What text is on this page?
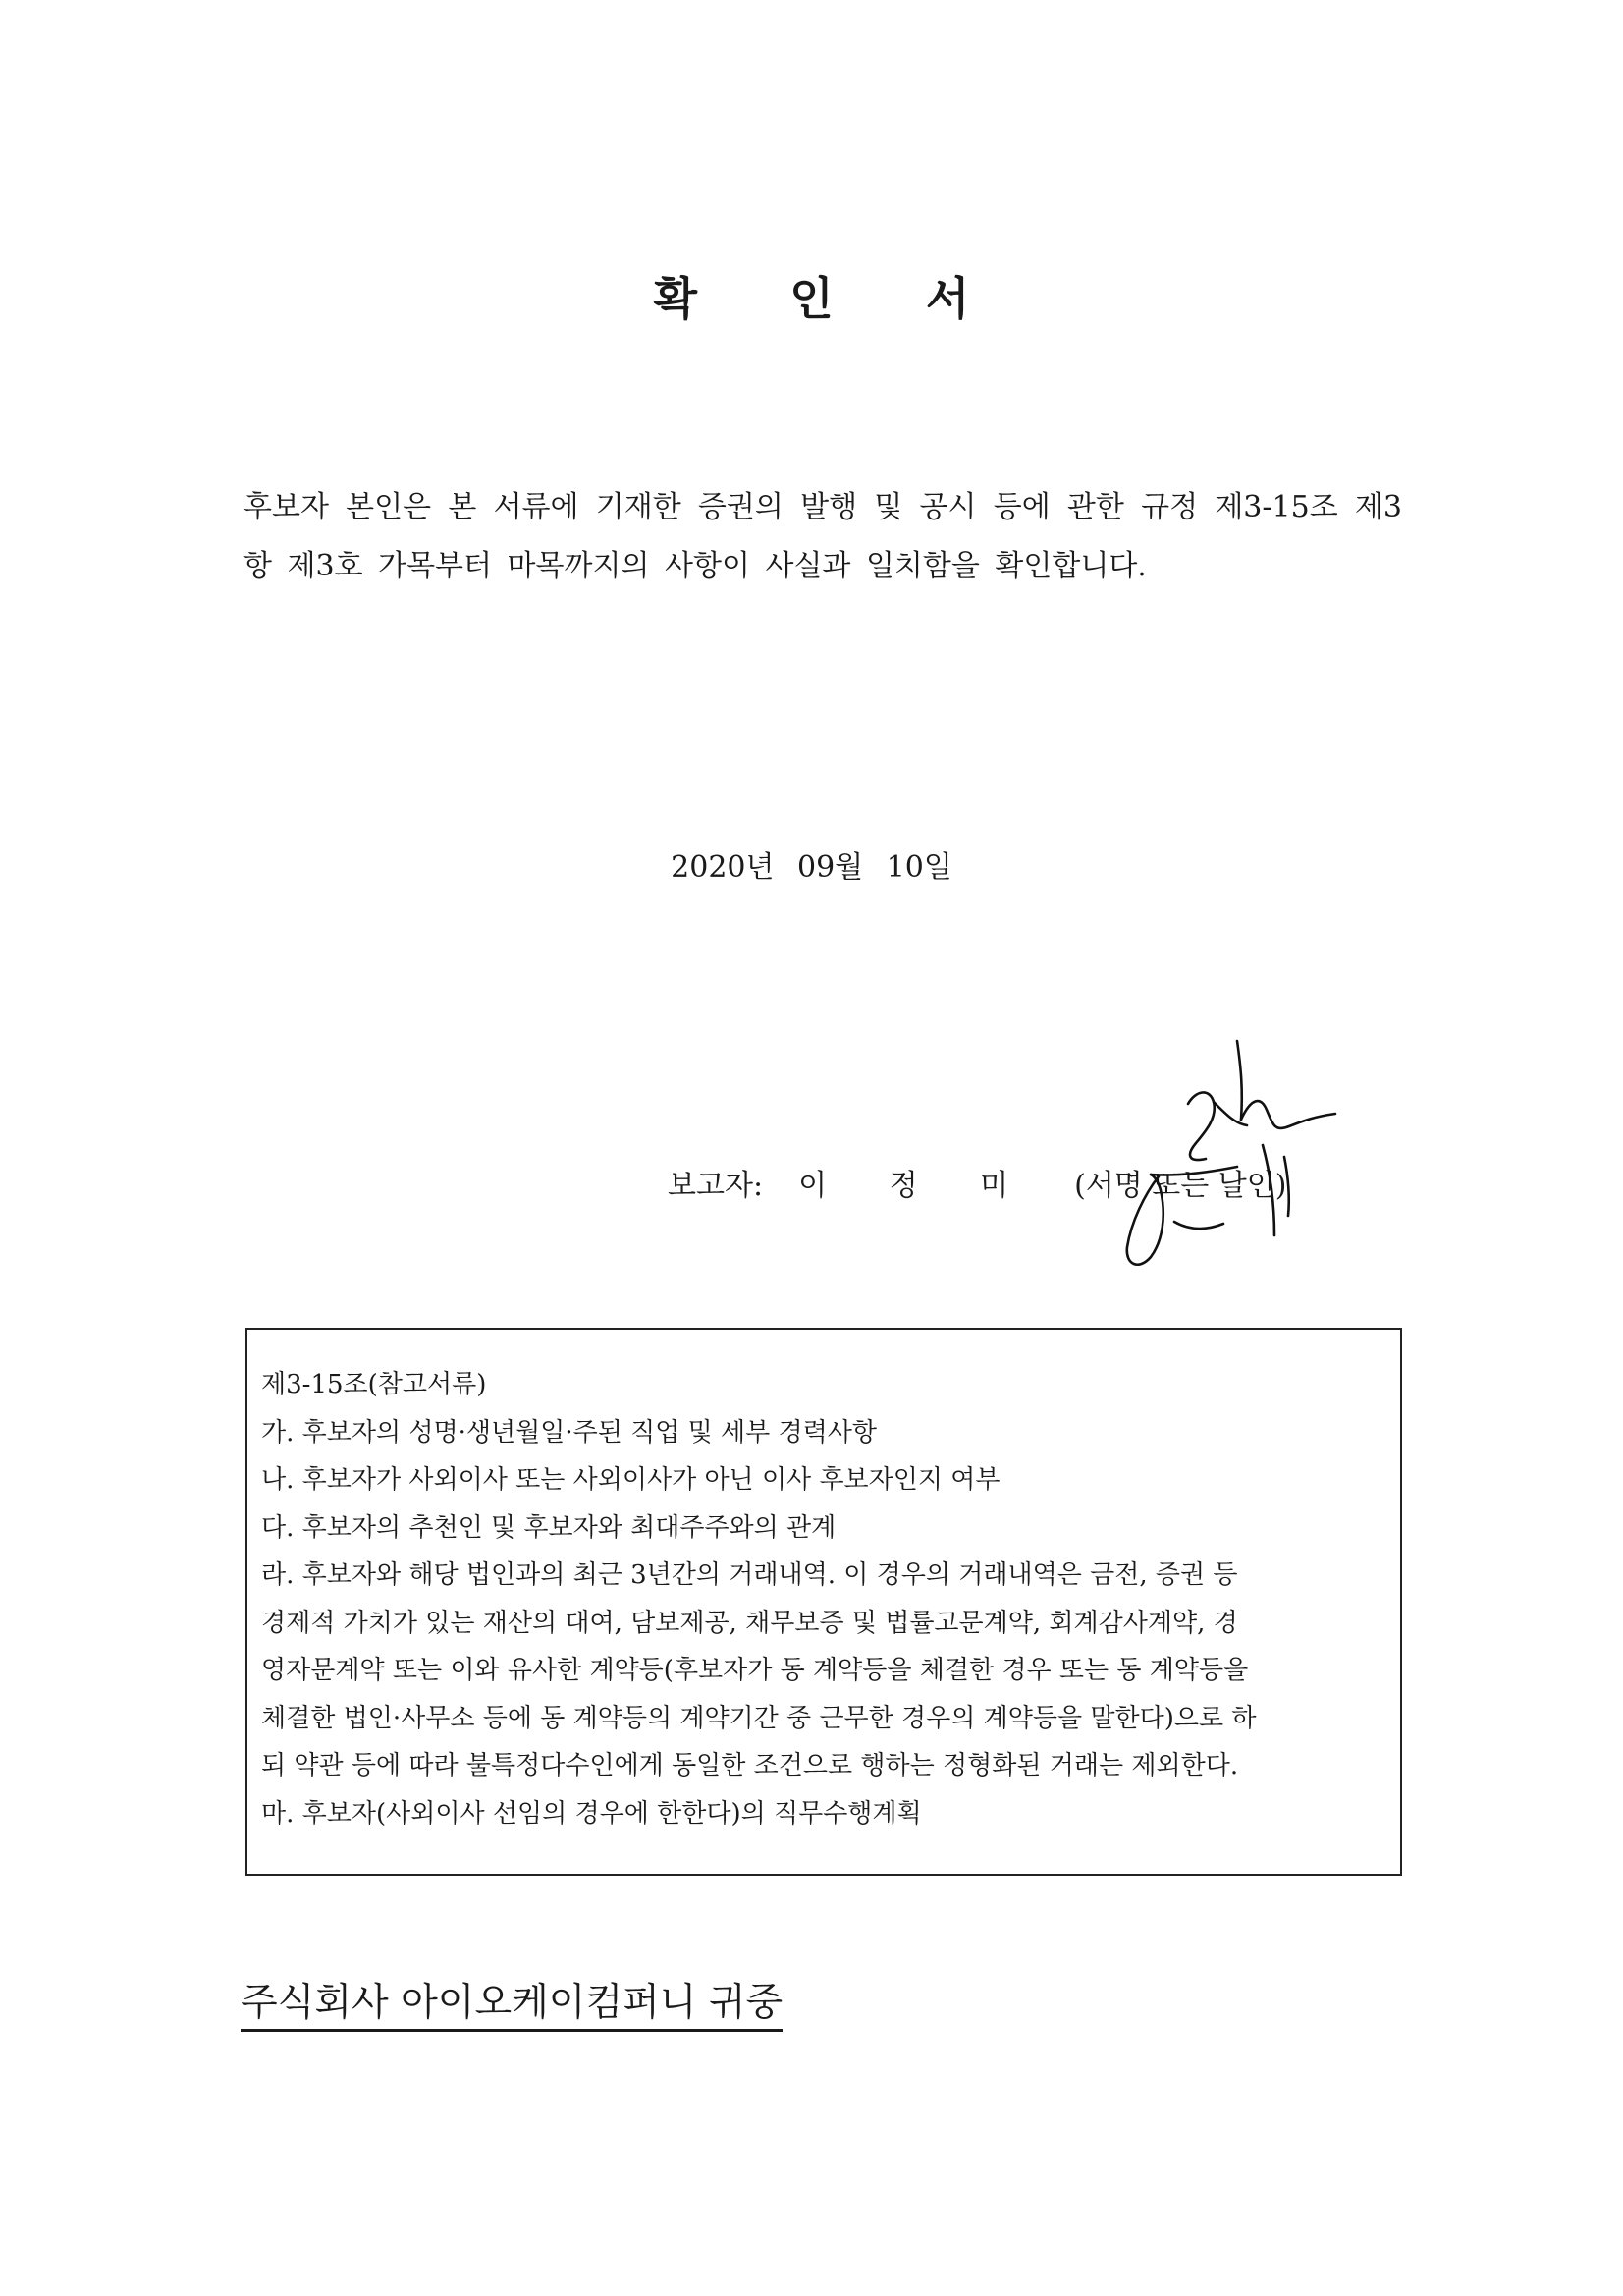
확 인 서
후보자 본인은 본 서류에 기재한 증권의 발행 및 공시 등에 관한 규정 제3-15조 제3항 제3호 가목부터 마목까지의 사항이 사실과 일치함을 확인합니다.
2020년 09월 10일
보고자: 이 정 미 (서명 또는 날인)
제3-15조(참고서류)
가. 후보자의 성명·생년월일·주된 직업 및 세부 경력사항
나. 후보자가 사외이사 또는 사외이사가 아닌 이사 후보자인지 여부
다. 후보자의 추천인 및 후보자와 최대주주와의 관계
라. 후보자와 해당 법인과의 최근 3년간의 거래내역. 이 경우의 거래내역은 금전, 증권 등
경제적 가치가 있는 재산의 대여, 담보제공, 채무보증 및 법률고문계약, 회계감사계약, 경
영자문계약 또는 이와 유사한 계약등(후보자가 동 계약등을 체결한 경우 또는 동 계약등을
체결한 법인·사무소 등에 동 계약등의 계약기간 중 근무한 경우의 계약등을 말한다)으로 하
되 약관 등에 따라 불특정다수인에게 동일한 조건으로 행하는 정형화된 거래는 제외한다.
마. 후보자(사외이사 선임의 경우에 한한다)의 직무수행계획
주식회사 아이오케이컴퍼니 귀중
